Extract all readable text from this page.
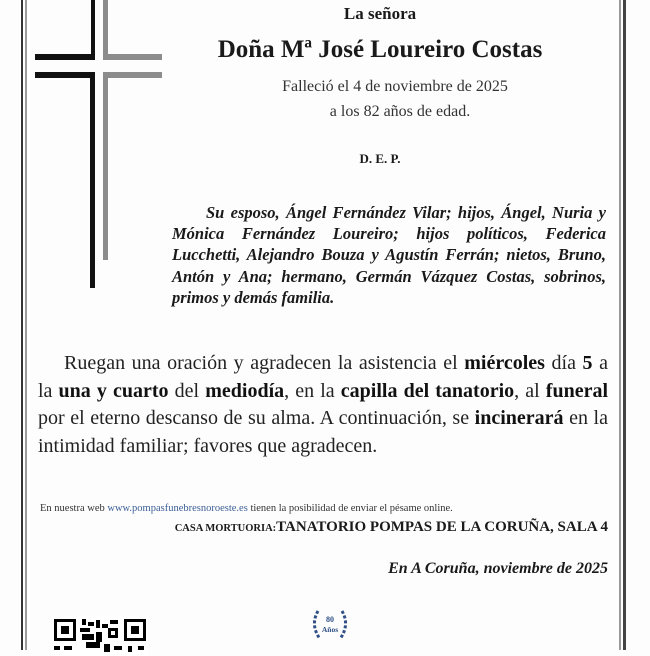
La señora
Doña Mª José Loureiro Costas
Falleció el 4 de noviembre de 2025
a los 82 años de edad.
D. E. P.
Su esposo, Ángel Fernández Vilar; hijos, Ángel, Nuria y Mónica Fernández Loureiro; hijos políticos, Federica Lucchetti, Alejandro Bouza y Agustín Ferrán; nietos, Bruno, Antón y Ana; hermano, Germán Vázquez Costas, sobrinos, primos y demás familia.
Ruegan una oración y agradecen la asistencia el miércoles día 5 a la una y cuarto del mediodía, en la capilla del tanatorio, al funeral por el eterno descanso de su alma. A continuación, se incinerará en la intimidad familiar; favores que agradecen.
En nuestra web www.pompasfunebresnoroeste.es tienen la posibilidad de enviar el pésame online.
CASA MORTUORIA:TANATORIO POMPAS DE LA CORUÑA, SALA 4
En A Coruña, noviembre de 2025
80
Años
